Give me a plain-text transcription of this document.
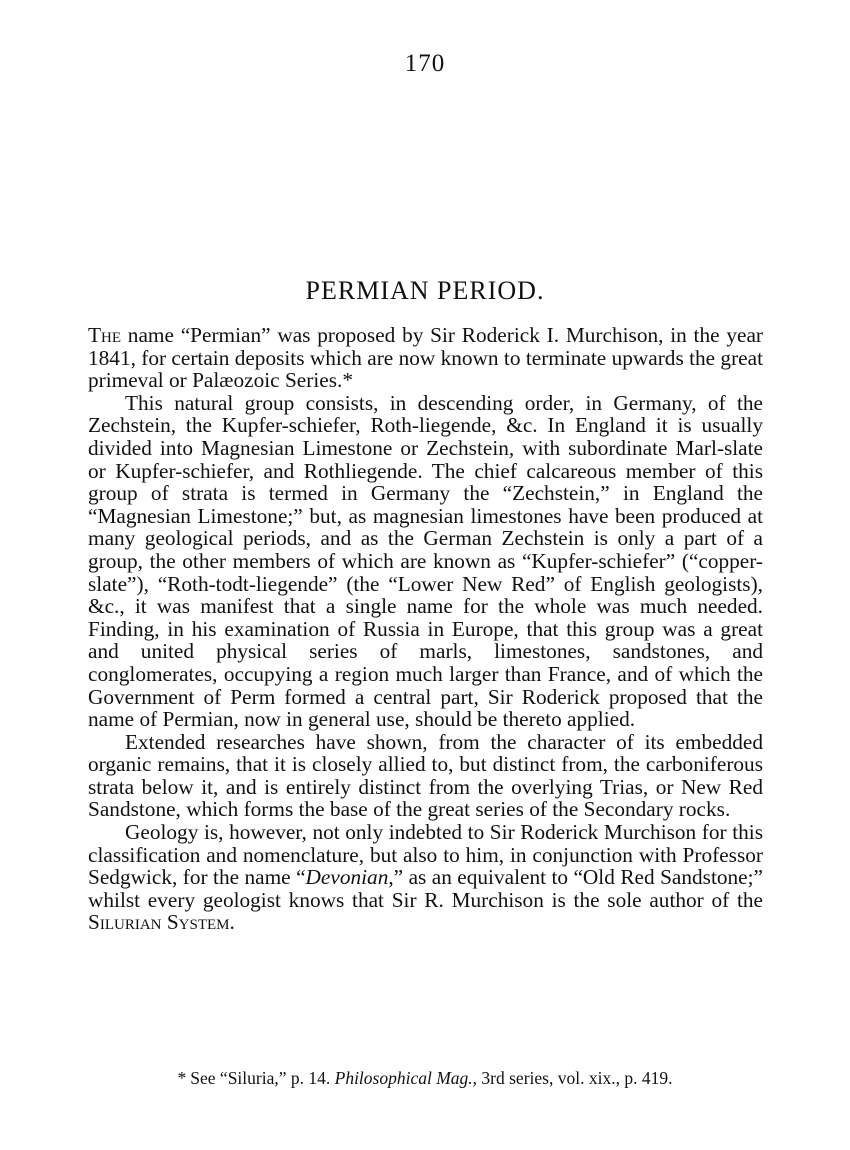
170
PERMIAN PERIOD.

The name “Permian” was proposed by Sir Roderick I. Murchison, in the year 1841, for certain deposits which are now known to terminate upwards the great primeval or Palæozoic Series.*

This natural group consists, in descending order, in Germany, of the Zechstein, the Kupfer-schiefer, Roth-liegende, &c. In England it is usually divided into Magnesian Limestone or Zechstein, with subordinate Marl-slate or Kupfer-schiefer, and Rothliegende. The chief calcareous member of this group of strata is termed in Germany the “Zechstein,” in England the “Magnesian Limestone;” but, as magnesian limestones have been produced at many geological periods, and as the German Zechstein is only a part of a group, the other members of which are known as “Kupfer-schiefer” (“copper-slate”), “Roth-todt-liegende” (the “Lower New Red” of English geologists), &c., it was manifest that a single name for the whole was much needed. Finding, in his examination of Russia in Europe, that this group was a great and united physical series of marls, limestones, sandstones, and conglomerates, occupying a region much larger than France, and of which the Government of Perm formed a central part, Sir Roderick proposed that the name of Permian, now in general use, should be thereto applied.

Extended researches have shown, from the character of its embedded organic remains, that it is closely allied to, but distinct from, the carboniferous strata below it, and is entirely distinct from the overlying Trias, or New Red Sandstone, which forms the base of the great series of the Secondary rocks.

Geology is, however, not only indebted to Sir Roderick Murchison for this classification and nomenclature, but also to him, in conjunction with Professor Sedgwick, for the name “Devonian,” as an equivalent to “Old Red Sandstone;” whilst every geologist knows that Sir R. Murchison is the sole author of the Silurian System.

* See “Siluria,” p. 14. Philosophical Mag., 3rd series, vol. xix., p. 419.
